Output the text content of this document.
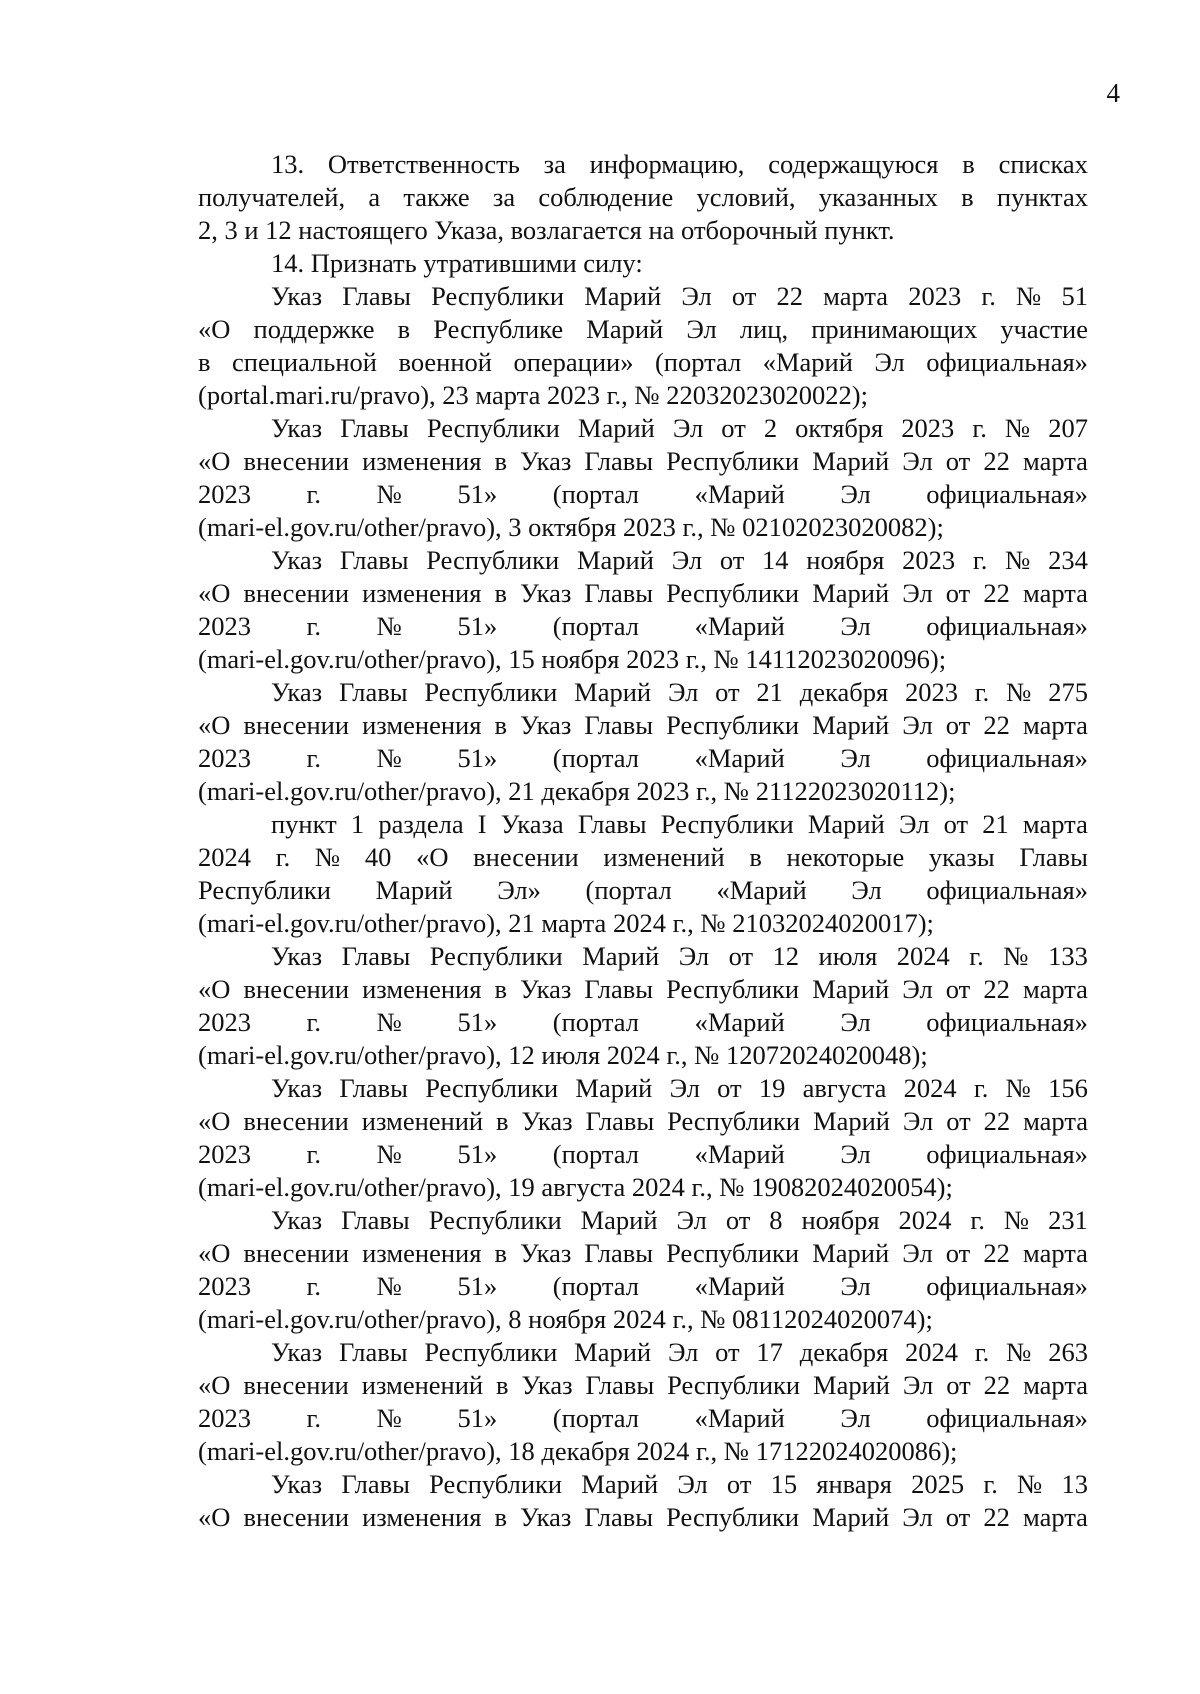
4
13. Ответственность за информацию, содержащуюся в списках
получателей, а также за соблюдение условий, указанных в пунктах
2, 3 и 12 настоящего Указа, возлагается на отборочный пункт.
14. Признать утратившими силу:
Указ Главы Республики Марий Эл от 22 марта 2023 г. № 51
«О поддержке в Республике Марий Эл лиц, принимающих участие
в специальной военной операции» (портал «Марий Эл официальная»
(portal.mari.ru/pravo), 23 марта 2023 г., № 22032023020022);
Указ Главы Республики Марий Эл от 2 октября 2023 г. № 207
«О внесении изменения в Указ Главы Республики Марий Эл от 22 марта
2023 г. № 51» (портал «Марий Эл официальная»
(mari-el.gov.ru/other/pravo), 3 октября 2023 г., № 02102023020082);
Указ Главы Республики Марий Эл от 14 ноября 2023 г. № 234
«О внесении изменения в Указ Главы Республики Марий Эл от 22 марта
2023 г. № 51» (портал «Марий Эл официальная»
(mari-el.gov.ru/other/pravo), 15 ноября 2023 г., № 14112023020096);
Указ Главы Республики Марий Эл от 21 декабря 2023 г. № 275
«О внесении изменения в Указ Главы Республики Марий Эл от 22 марта
2023 г. № 51» (портал «Марий Эл официальная»
(mari-el.gov.ru/other/pravo), 21 декабря 2023 г., № 21122023020112);
пункт 1 раздела I Указа Главы Республики Марий Эл от 21 марта
2024 г. № 40 «О внесении изменений в некоторые указы Главы
Республики Марий Эл» (портал «Марий Эл официальная»
(mari-el.gov.ru/other/pravo), 21 марта 2024 г., № 21032024020017);
Указ Главы Республики Марий Эл от 12 июля 2024 г. № 133
«О внесении изменения в Указ Главы Республики Марий Эл от 22 марта
2023 г. № 51» (портал «Марий Эл официальная»
(mari-el.gov.ru/other/pravo), 12 июля 2024 г., № 12072024020048);
Указ Главы Республики Марий Эл от 19 августа 2024 г. № 156
«О внесении изменений в Указ Главы Республики Марий Эл от 22 марта
2023 г. № 51» (портал «Марий Эл официальная»
(mari-el.gov.ru/other/pravo), 19 августа 2024 г., № 19082024020054);
Указ Главы Республики Марий Эл от 8 ноября 2024 г. № 231
«О внесении изменения в Указ Главы Республики Марий Эл от 22 марта
2023 г. № 51» (портал «Марий Эл официальная»
(mari-el.gov.ru/other/pravo), 8 ноября 2024 г., № 08112024020074);
Указ Главы Республики Марий Эл от 17 декабря 2024 г. № 263
«О внесении изменений в Указ Главы Республики Марий Эл от 22 марта
2023 г. № 51» (портал «Марий Эл официальная»
(mari-el.gov.ru/other/pravo), 18 декабря 2024 г., № 17122024020086);
Указ Главы Республики Марий Эл от 15 января 2025 г. № 13
«О внесении изменения в Указ Главы Республики Марий Эл от 22 марта
